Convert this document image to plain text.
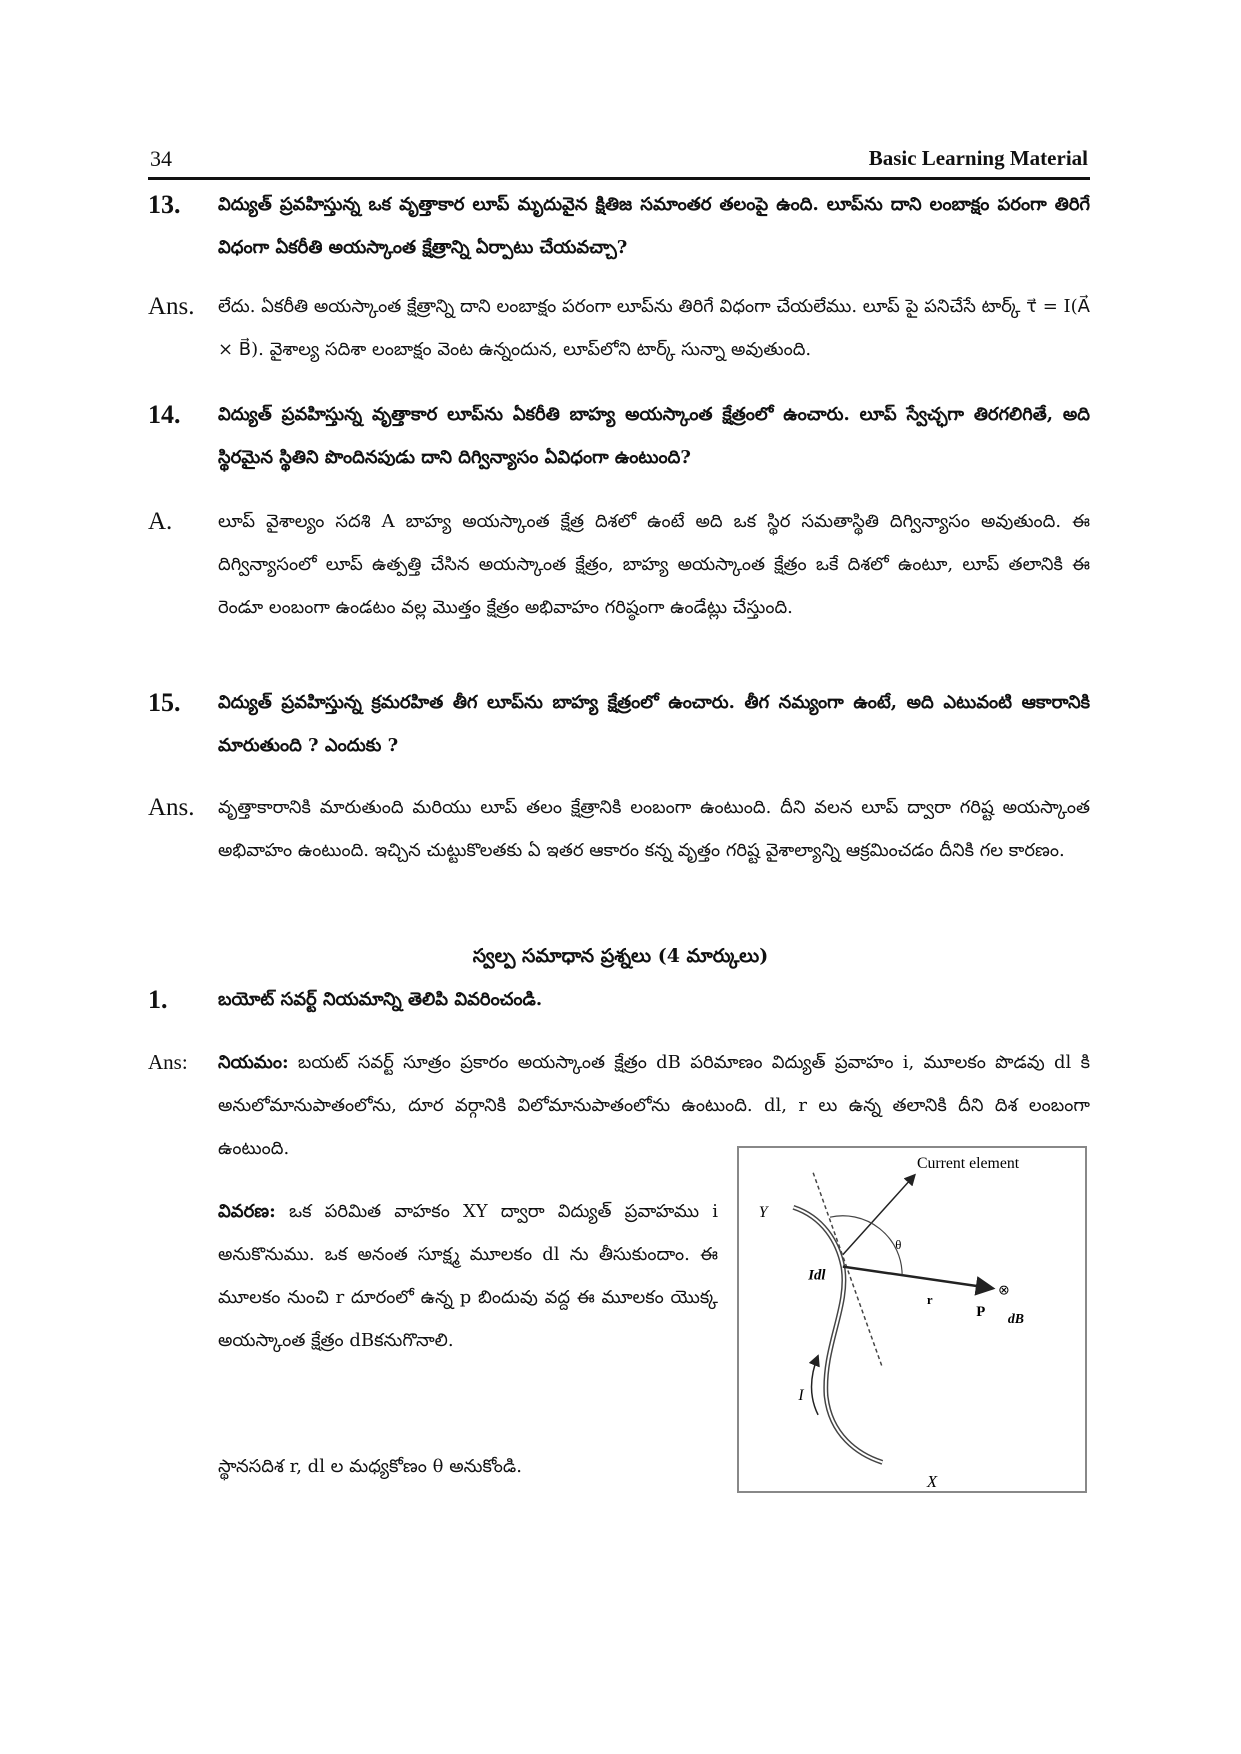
34	Basic Learning Material
13. విద్యుత్ ప్రవహిస్తున్న ఒక వృత్తాకార లూప్ మృదువైన క్షితిజ సమాంతర తలంపై ఉంది. లూప్‌ను దాని లంబాక్షం పరంగా తిరిగే విధంగా ఏకరీతి అయస్కాంత క్షేత్రాన్ని ఏర్పాటు చేయవచ్చా?
Ans. లేదు. ఏకరీతి అయస్కాంత క్షేత్రాన్ని దాని లంబాక్షం పరంగా లూప్‌ను తిరిగే విధంగా చేయలేము. లూప్ పై పనిచేసే టార్క్ τ⃗ = I(A⃗ × B⃗). వైశాల్య సదిశా లంబాక్షం వెంట ఉన్నందున, లూప్‌లోని టార్క్ సున్నా అవుతుంది.
14. విద్యుత్ ప్రవహిస్తున్న వృత్తాకార లూప్‌ను ఏకరీతి బాహ్య అయస్కాంత క్షేత్రంలో ఉంచారు. లూప్ స్వేచ్ఛగా తిరగలిగితే, అది స్థిరమైన స్థితిని పొందినపుడు దాని దిగ్విన్యాసం ఏవిధంగా ఉంటుంది?
A.	లూప్ వైశాల్యం సదశి A బాహ్య అయస్కాంత క్షేత్ర దిశలో ఉంటే అది ఒక స్థిర సమతాస్థితి దిగ్విన్యాసం అవుతుంది. ఈ దిగ్విన్యాసంలో లూప్ ఉత్పత్తి చేసిన అయస్కాంత క్షేత్రం, బాహ్య అయస్కాంత క్షేత్రం ఒకే దిశలో ఉంటూ, లూప్ తలానికి ఈ రెండూ లంబంగా ఉండటం వల్ల మొత్తం క్షేత్రం అభివాహం గరిష్ఠంగా ఉండేట్లు చేస్తుంది.
15. విద్యుత్ ప్రవహిస్తున్న క్రమరహిత తీగ లూప్‌ను బాహ్య క్షేత్రంలో ఉంచారు. తీగ నమ్యంగా ఉంటే, అది ఎటువంటి ఆకారానికి మారుతుంది ? ఎందుకు ?
Ans. వృత్తాకారానికి మారుతుంది మరియు లూప్ తలం క్షేత్రానికి లంబంగా ఉంటుంది. దీని వలన లూప్ ద్వారా గరిష్ట అయస్కాంత అభివాహం ఉంటుంది. ఇచ్చిన చుట్టుకొలతకు ఏ ఇతర ఆకారం కన్న వృత్తం గరిష్ట వైశాల్యాన్ని ఆక్రమించడం దీనికి గల కారణం.
స్వల్ప సమాధాన ప్రశ్నలు (4 మార్కులు)
1.	బయోట్ సవర్ట్ నియమాన్ని తెలిపి వివరించండి.
Ans: నియమం: బయట్ సవర్ట్ సూత్రం ప్రకారం అయస్కాంత క్షేత్రం dB పరిమాణం విద్యుత్ ప్రవాహం i, మూలకం పొడవు dl కి అనులోమానుపాతంలోను, దూర వర్గానికి విలోమానుపాతంలోను ఉంటుంది. dl, r లు ఉన్న తలానికి దీని దిశ లంబంగా ఉంటుంది.
వివరణ: ఒక పరిమిత వాహకం XY ద్వారా విద్యుత్ ప్రవాహము i అనుకొనుము. ఒక అనంత సూక్ష్మ మూలకం dl ను తీసుకుందాం. ఈ మూలకం నుంచి r దూరంలో ఉన్న p బిందువు వద్ద ఈ మూలకం యొక్క అయస్కాంత క్షేత్రం dBకనుగొనాలి.
స్థానసదిశ r, dl ల మధ్యకోణం θ అనుకోండి.
Current element
Y
X
Idl
θ
r
P
⊗
dB
I
